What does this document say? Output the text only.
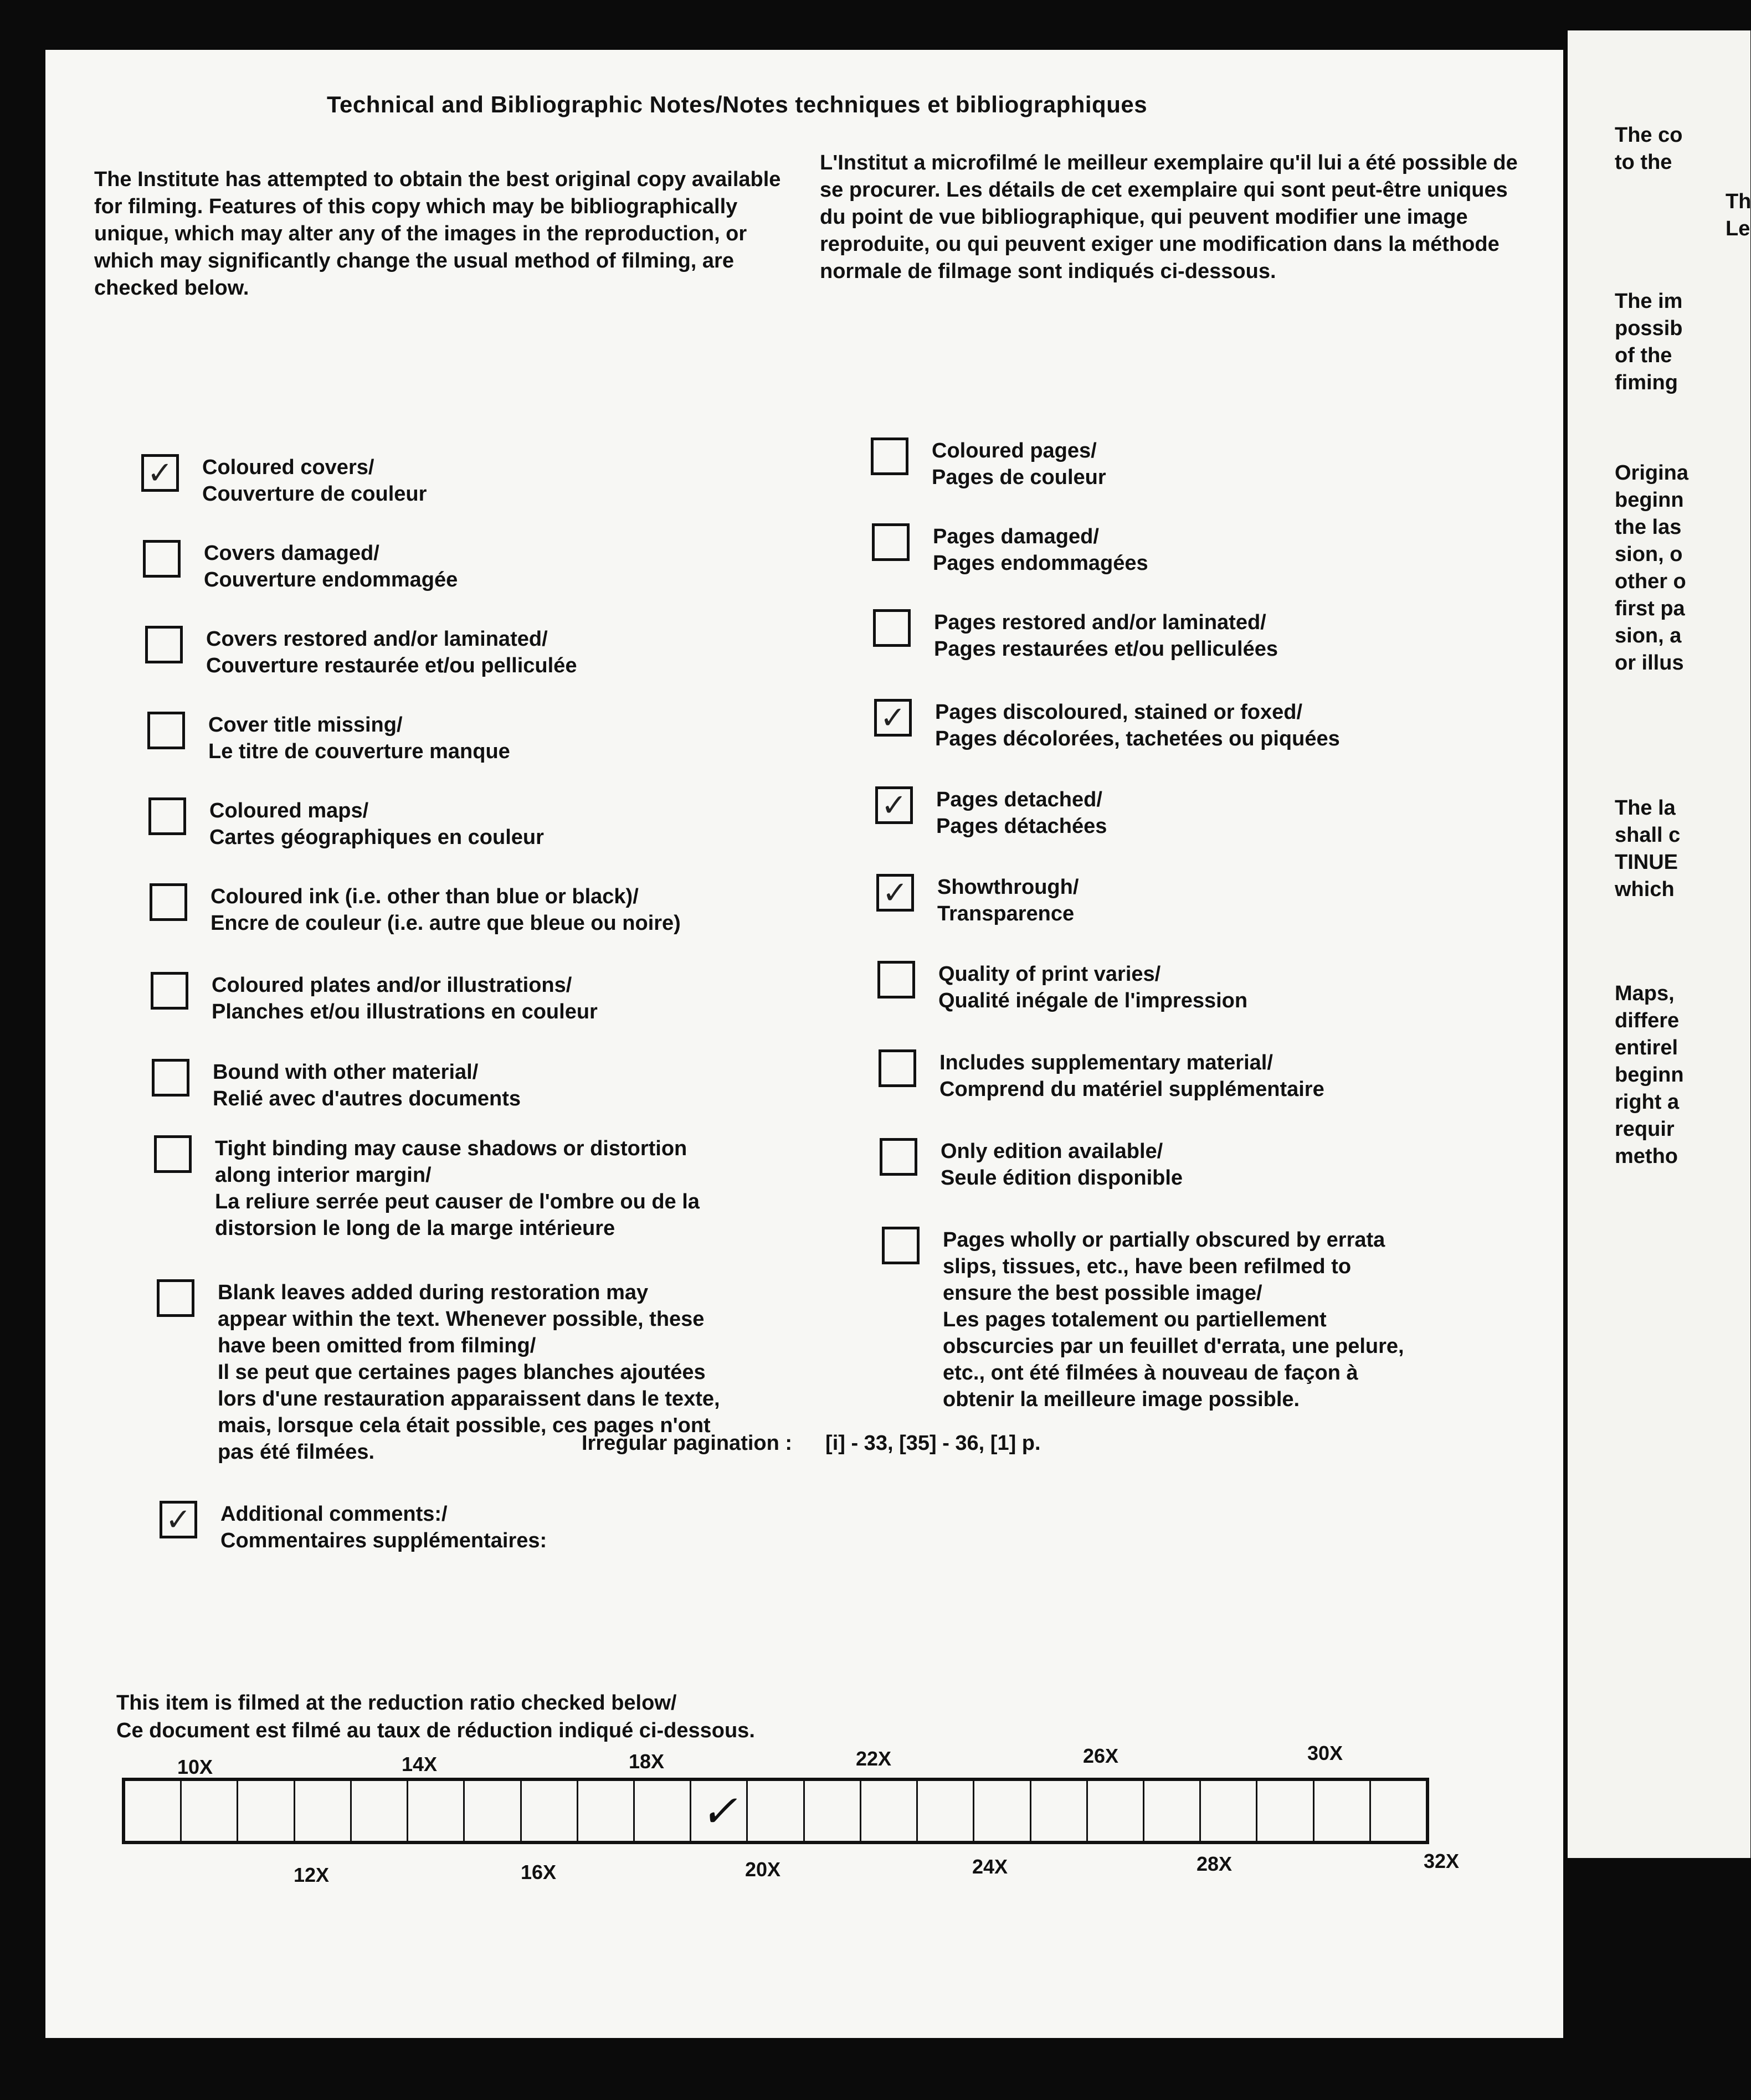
Technical and Bibliographic Notes/Notes techniques et bibliographiques
The Institute has attempted to obtain the best original copy available for filming. Features of this copy which may be bibliographically unique, which may alter any of the images in the reproduction, or which may significantly change the usual method of filming, are checked below.
L'Institut a microfilmé le meilleur exemplaire qu'il lui a été possible de se procurer. Les détails de cet exemplaire qui sont peut-être uniques du point de vue bibliographique, qui peuvent modifier une image reproduite, ou qui peuvent exiger une modification dans la méthode normale de filmage sont indiqués ci-dessous.
✓ Coloured covers/
Couverture de couleur
Covers damaged/
Couverture endommagée
Covers restored and/or laminated/
Couverture restaurée et/ou pelliculée
Cover title missing/
Le titre de couverture manque
Coloured maps/
Cartes géographiques en couleur
Coloured ink (i.e. other than blue or black)/
Encre de couleur (i.e. autre que bleue ou noire)
Coloured plates and/or illustrations/
Planches et/ou illustrations en couleur
Bound with other material/
Relié avec d'autres documents
Tight binding may cause shadows or distortion
along interior margin/
La reliure serrée peut causer de l'ombre ou de la
distorsion le long de la marge intérieure
Blank leaves added during restoration may
appear within the text. Whenever possible, these
have been omitted from filming/
Il se peut que certaines pages blanches ajoutées
lors d'une restauration apparaissent dans le texte,
mais, lorsque cela était possible, ces pages n'ont
pas été filmées.
✓ Additional comments:/
Commentaires supplémentaires:
Coloured pages/
Pages de couleur
Pages damaged/
Pages endommagées
Pages restored and/or laminated/
Pages restaurées et/ou pelliculées
✓ Pages discoloured, stained or foxed/
Pages décolorées, tachetées ou piquées
✓ Pages detached/
Pages détachées
✓ Showthrough/
Transparence
Quality of print varies/
Qualité inégale de l'impression
Includes supplementary material/
Comprend du matériel supplémentaire
Only edition available/
Seule édition disponible
Pages wholly or partially obscured by errata
slips, tissues, etc., have been refilmed to
ensure the best possible image/
Les pages totalement ou partiellement
obscurcies par un feuillet d'errata, une pelure,
etc., ont été filmées à nouveau de façon à
obtenir la meilleure image possible.
Irregular pagination : [i] - 33, [35] - 36, [1] p.
This item is filmed at the reduction ratio checked below/
Ce document est filmé au taux de réduction indiqué ci-dessous.
10X	14X	18X	22X	26X	30X
✓
12X	16X	20X	24X	28X	32X
The co
to the
Th
Le
The im
possib
of the
fiming
Origina
beginn
the las
sion, o
other o
first pa
sion, a
or illus
The la
shall c
TINUE
which
Maps,
differe
entirel
beginn
right a
requir
metho
